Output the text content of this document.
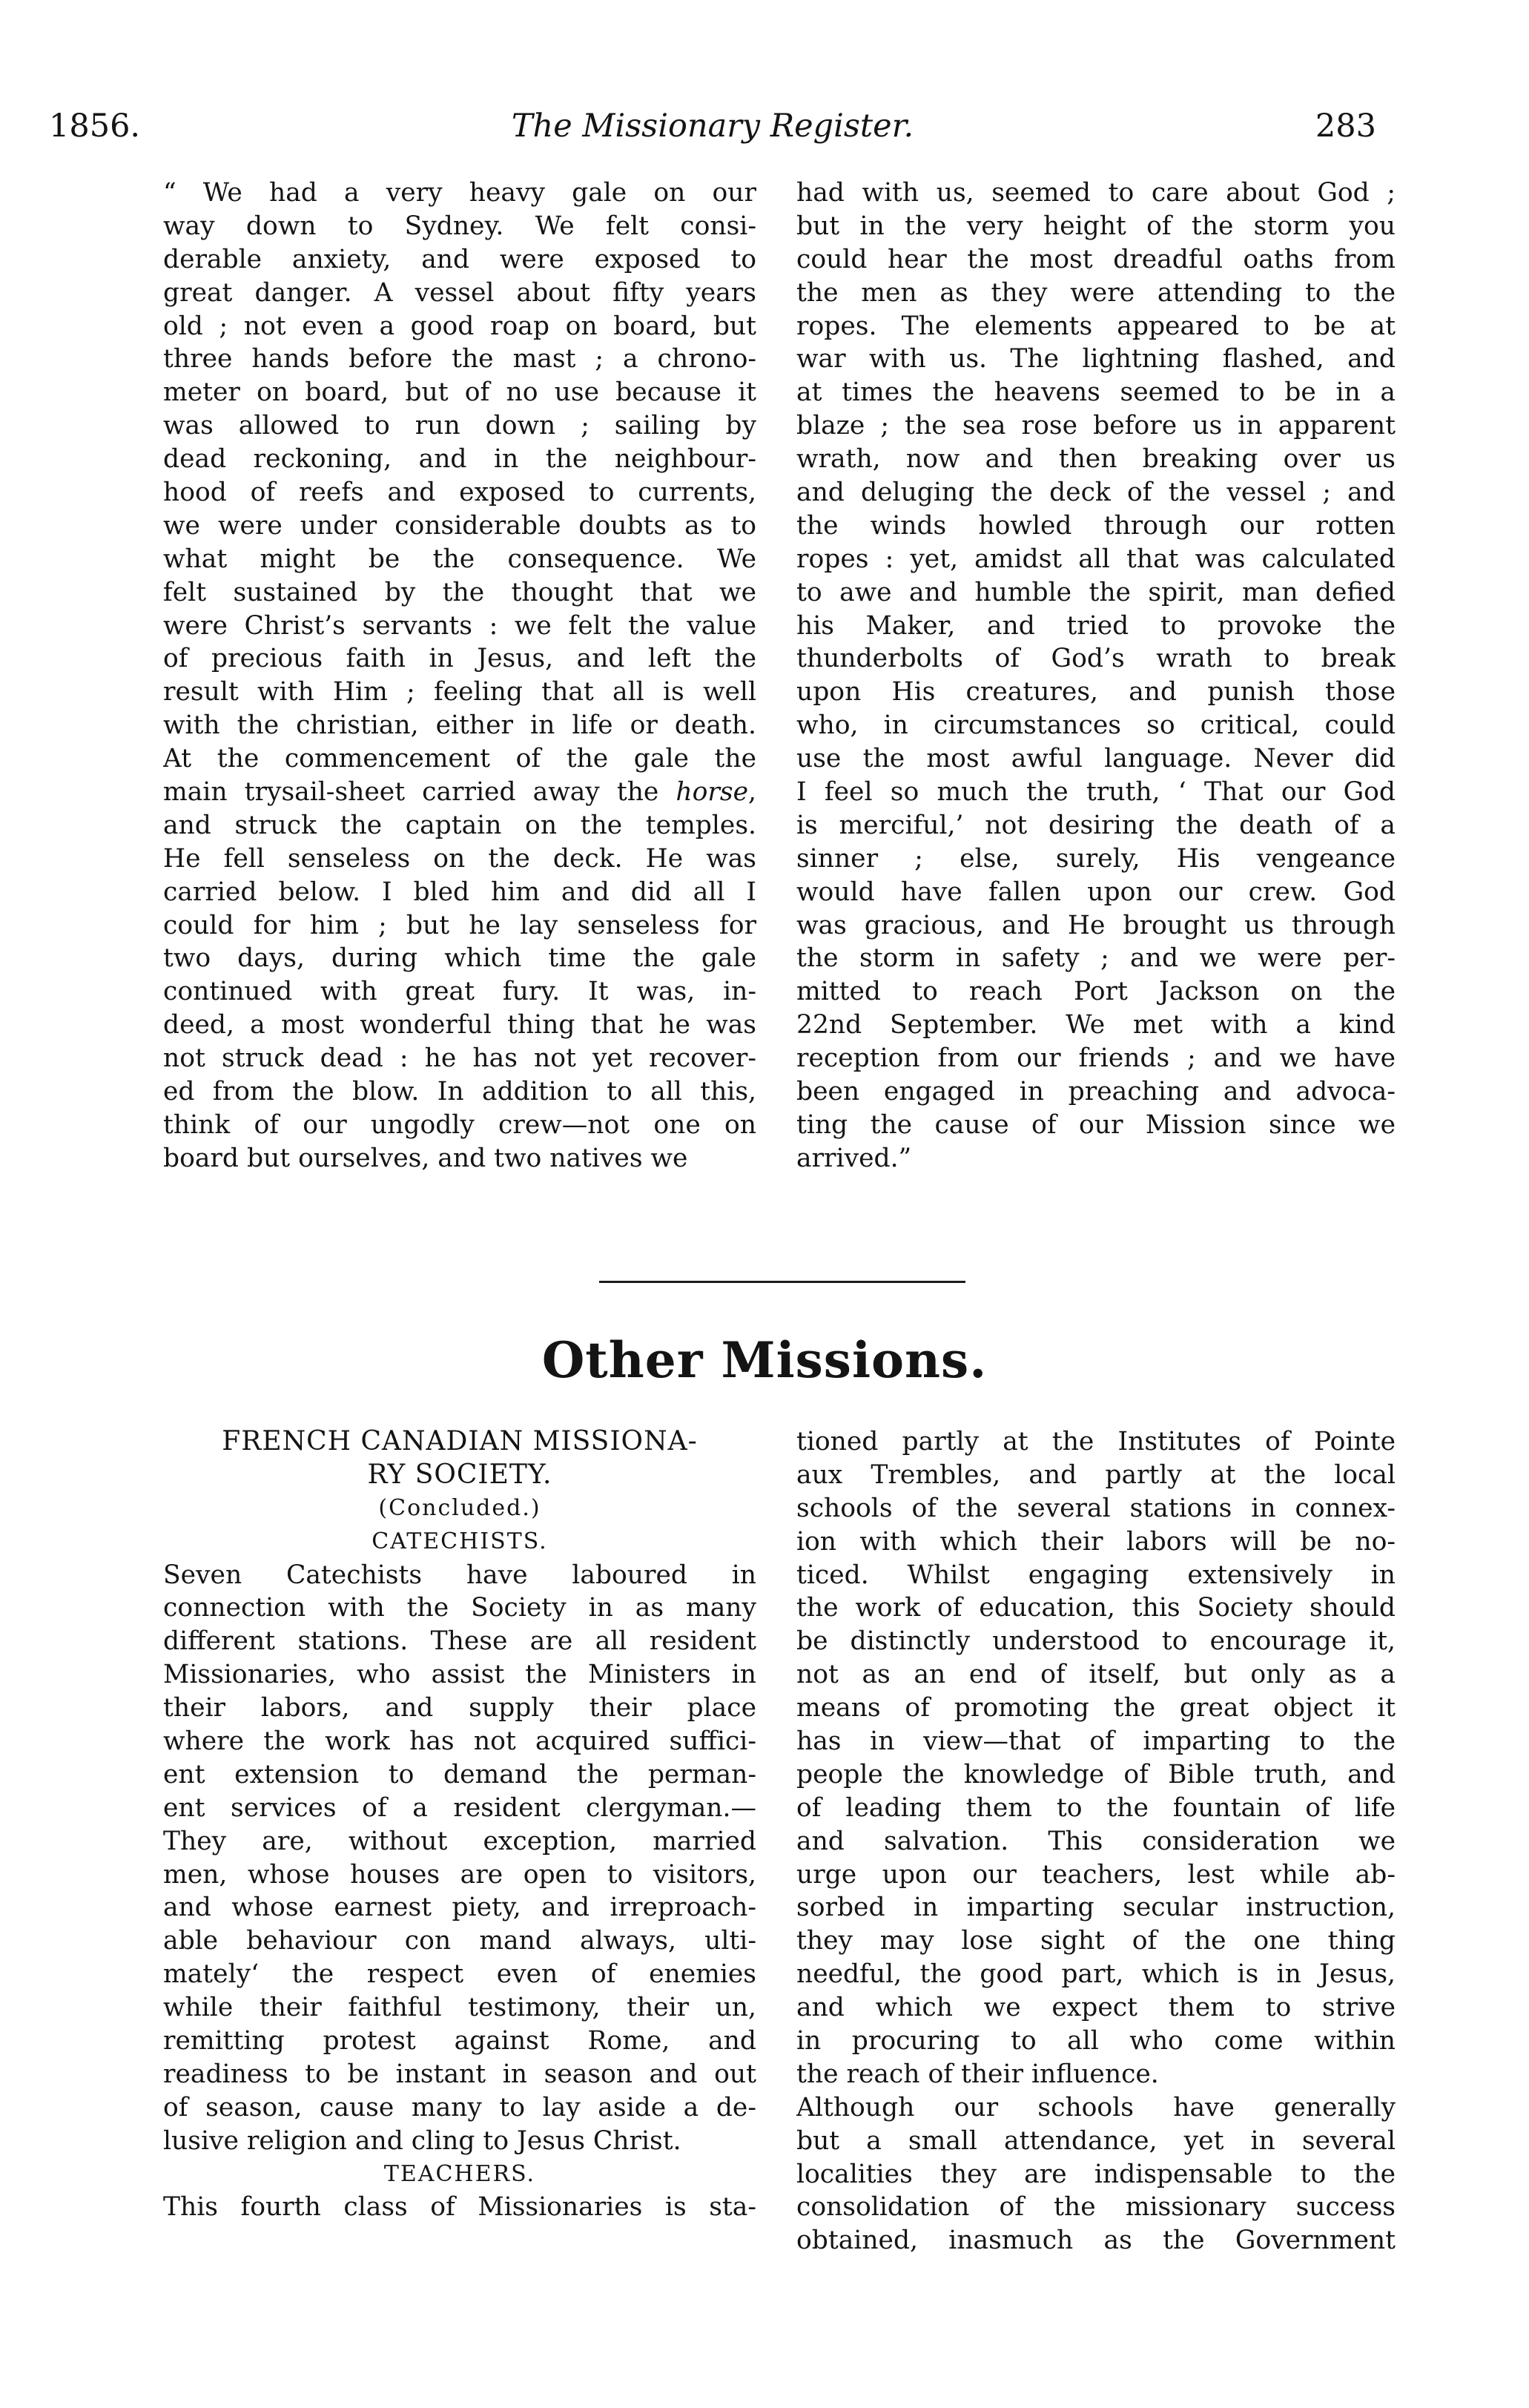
1856.	The Missionary Register.	283
“ We had a very heavy gale on our
way down to Sydney. We felt consi-
derable anxiety, and were exposed to
great danger. A vessel about fifty years
old ; not even a good roap on board, but
three hands before the mast ; a chrono-
meter on board, but of no use because it
was allowed to run down ; sailing by
dead reckoning, and in the neighbour-
hood of reefs and exposed to currents,
we were under considerable doubts as to
what might be the consequence. We
felt sustained by the thought that we
were Christ’s servants : we felt the value
of precious faith in Jesus, and left the
result with Him ; feeling that all is well
with the christian, either in life or death.
At the commencement of the gale the
main trysail-sheet carried away the horse,
and struck the captain on the temples.
He fell senseless on the deck. He was
carried below. I bled him and did all I
could for him ; but he lay senseless for
two days, during which time the gale
continued with great fury. It was, in-
deed, a most wonderful thing that he was
not struck dead : he has not yet recover-
ed from the blow. In addition to all this,
think of our ungodly crew—not one on
board but ourselves, and two natives we
had with us, seemed to care about God ;
but in the very height of the storm you
could hear the most dreadful oaths from
the men as they were attending to the
ropes. The elements appeared to be at
war with us. The lightning flashed, and
at times the heavens seemed to be in a
blaze ; the sea rose before us in apparent
wrath, now and then breaking over us
and deluging the deck of the vessel ; and
the winds howled through our rotten
ropes : yet, amidst all that was calculated
to awe and humble the spirit, man defied
his Maker, and tried to provoke the
thunderbolts of God’s wrath to break
upon His creatures, and punish those
who, in circumstances so critical, could
use the most awful language. Never did
I feel so much the truth, ‘ That our God
is merciful,’ not desiring the death of a
sinner ; else, surely, His vengeance
would have fallen upon our crew. God
was gracious, and He brought us through
the storm in safety ; and we were per-
mitted to reach Port Jackson on the
22nd September. We met with a kind
reception from our friends ; and we have
been engaged in preaching and advoca-
ting the cause of our Mission since we
arrived.”
Other Missions.
FRENCH CANADIAN MISSIONA-
RY SOCIETY.
(Concluded.)
CATECHISTS.
Seven Catechists have laboured in
connection with the Society in as many
different stations. These are all resident
Missionaries, who assist the Ministers in
their labors, and supply their place
where the work has not acquired suffici-
ent extension to demand the perman-
ent services of a resident clergyman.—
They are, without exception, married
men, whose houses are open to visitors,
and whose earnest piety, and irreproach-
able behaviour con mand always, ulti-
mately‘ the respect even of enemies
while their faithful testimony, their un,
remitting protest against Rome, and
readiness to be instant in season and out
of season, cause many to lay aside a de-
lusive religion and cling to Jesus Christ.
TEACHERS.
This fourth class of Missionaries is sta-
tioned partly at the Institutes of Pointe
aux Trembles, and partly at the local
schools of the several stations in connex-
ion with which their labors will be no-
ticed. Whilst engaging extensively in
the work of education, this Society should
be distinctly understood to encourage it,
not as an end of itself, but only as a
means of promoting the great object it
has in view—that of imparting to the
people the knowledge of Bible truth, and
of leading them to the fountain of life
and salvation. This consideration we
urge upon our teachers, lest while ab-
sorbed in imparting secular instruction,
they may lose sight of the one thing
needful, the good part, which is in Jesus,
and which we expect them to strive
in procuring to all who come within
the reach of their influence.
Although our schools have generally
but a small attendance, yet in several
localities they are indispensable to the
consolidation of the missionary success
obtained, inasmuch as the Government
